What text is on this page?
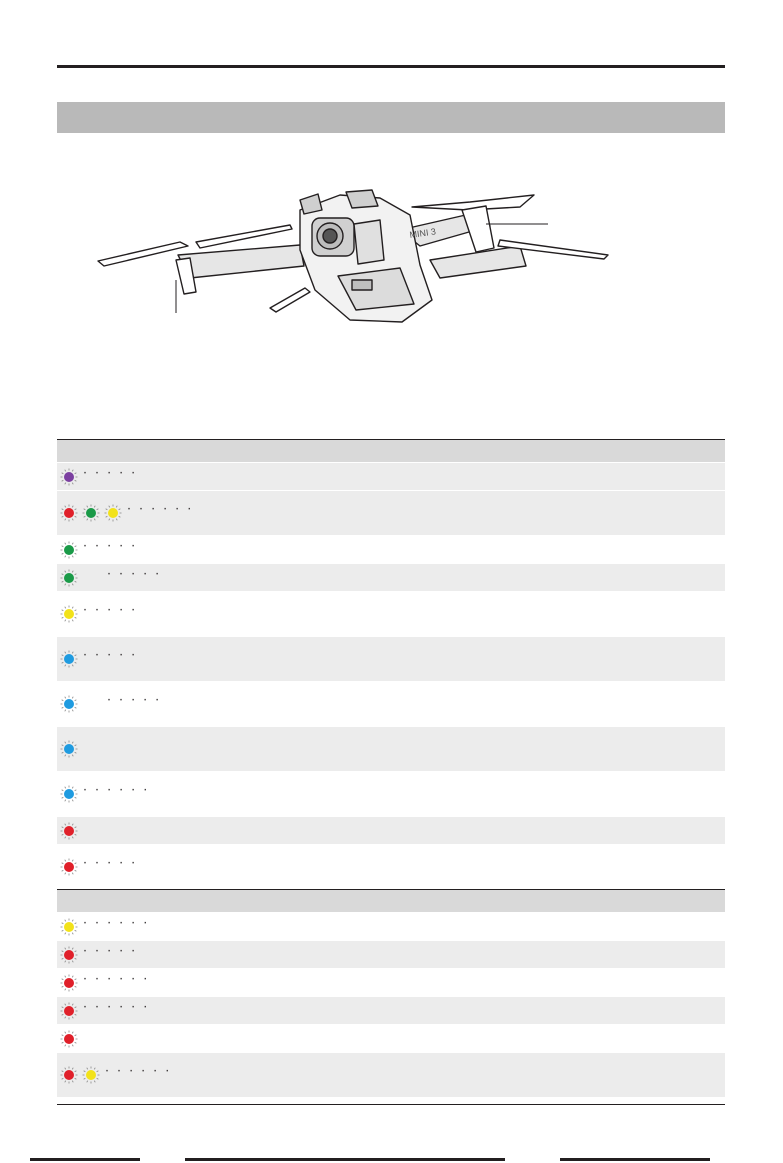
MINI 3
⋅ ⋅ ⋅ ⋅ ⋅
⋅ ⋅ ⋅ ⋅ ⋅ ⋅
⋅ ⋅ ⋅ ⋅ ⋅
⋅ ⋅ ⋅ ⋅ ⋅
⋅ ⋅ ⋅ ⋅ ⋅
⋅ ⋅ ⋅ ⋅ ⋅
⋅ ⋅ ⋅ ⋅ ⋅
⋅ ⋅ ⋅ ⋅ ⋅ ⋅
⋅ ⋅ ⋅ ⋅ ⋅
⋅ ⋅ ⋅ ⋅ ⋅ ⋅
⋅ ⋅ ⋅ ⋅ ⋅
⋅ ⋅ ⋅ ⋅ ⋅ ⋅
⋅ ⋅ ⋅ ⋅ ⋅ ⋅
⋅ ⋅ ⋅ ⋅ ⋅ ⋅
